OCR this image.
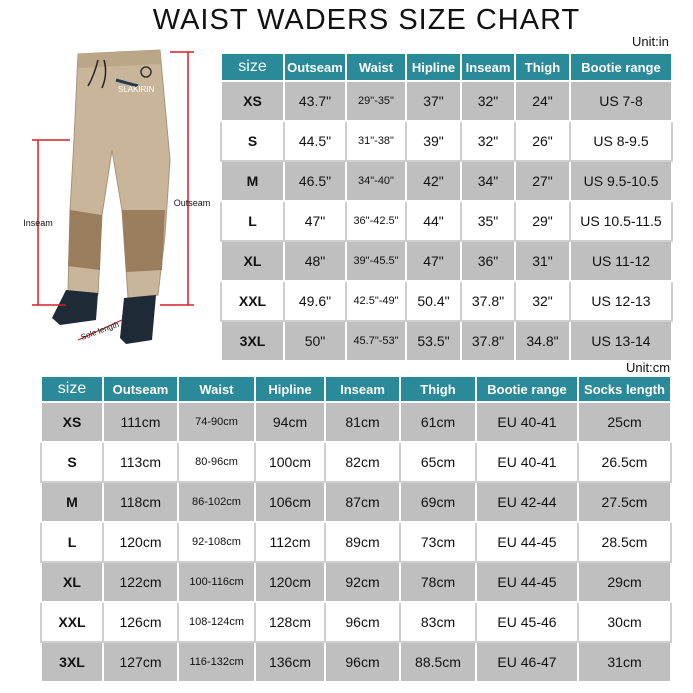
WAIST WADERS SIZE CHART
SLAKIRIN
Inseam
Outseam
Sole length
Unit:in
size	Outseam	Waist	Hipline	Inseam	Thigh	Bootie range
XS	43.7"	29"-35"	37"	32"	24"	US 7-8
S	44.5"	31"-38"	39"	32"	26"	US 8-9.5
M	46.5"	34"-40"	42"	34"	27"	US 9.5-10.5
L	47"	36"-42.5"	44"	35"	29"	US 10.5-11.5
XL	48"	39"-45.5"	47"	36"	31"	US 11-12
XXL	49.6"	42.5"-49"	50.4"	37.8"	32"	US 12-13
3XL	50"	45.7"-53"	53.5"	37.8"	34.8"	US 13-14
Unit:cm
size	Outseam	Waist	Hipline	Inseam	Thigh	Bootie range	Socks length
XS	111cm	74-90cm	94cm	81cm	61cm	EU 40-41	25cm
S	113cm	80-96cm	100cm	82cm	65cm	EU 40-41	26.5cm
M	118cm	86-102cm	106cm	87cm	69cm	EU 42-44	27.5cm
L	120cm	92-108cm	112cm	89cm	73cm	EU 44-45	28.5cm
XL	122cm	100-116cm	120cm	92cm	78cm	EU 44-45	29cm
XXL	126cm	108-124cm	128cm	96cm	83cm	EU 45-46	30cm
3XL	127cm	116-132cm	136cm	96cm	88.5cm	EU 46-47	31cm
